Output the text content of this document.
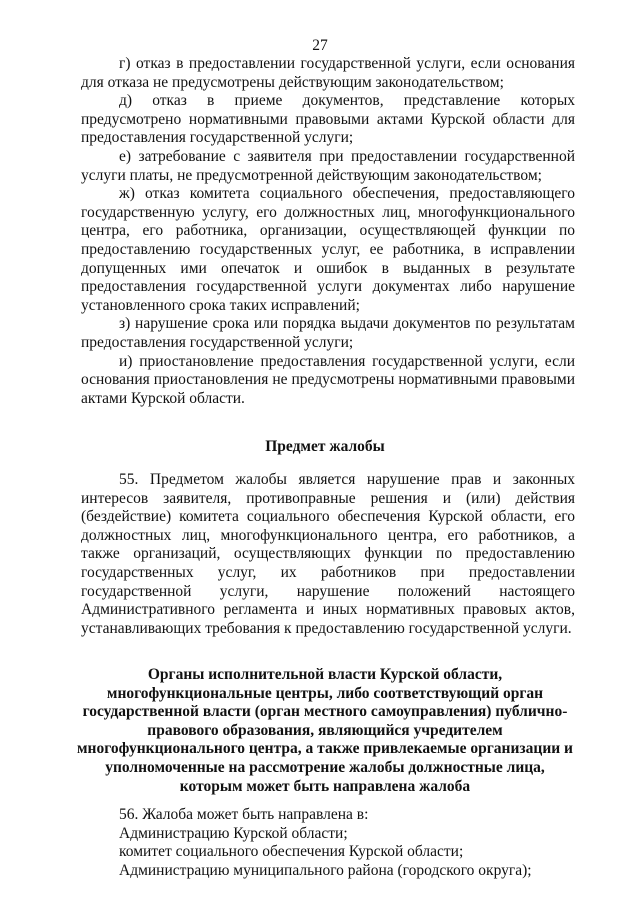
27

г) отказ в предоставлении государственной услуги, если основания для отказа не предусмотрены действующим законодательством;

д) отказ в приеме документов, представление которых предусмотрено нормативными правовыми актами Курской области для предоставления государственной услуги;

е) затребование с заявителя при предоставлении государственной услуги платы, не предусмотренной действующим законодательством;

ж) отказ комитета социального обеспечения, предоставляющего государственную услугу, его должностных лиц, многофункционального центра, его работника, организации, осуществляющей функции по предоставлению государственных услуг, ее работника, в исправлении допущенных ими опечаток и ошибок в выданных в результате предоставления государственной услуги документах либо нарушение установленного срока таких исправлений;

з) нарушение срока или порядка выдачи документов по результатам предоставления государственной услуги;

и) приостановление предоставления государственной услуги, если основания приостановления не предусмотрены нормативными правовыми актами Курской области.

Предмет жалобы

55. Предметом жалобы является нарушение прав и законных интересов заявителя, противоправные решения и (или) действия (бездействие) комитета социального обеспечения Курской области, его должностных лиц, многофункционального центра, его работников, а также организаций, осуществляющих функции по предоставлению государственных услуг, их работников при предоставлении государственной услуги, нарушение положений настоящего Административного регламента и иных нормативных правовых актов, устанавливающих требования к предоставлению государственной услуги.

Органы исполнительной власти Курской области,
многофункциональные центры, либо соответствующий орган
государственной власти (орган местного самоуправления) публично-
правового образования, являющийся учредителем
многофункционального центра, а также привлекаемые организации и
уполномоченные на рассмотрение жалобы должностные лица,
которым может быть направлена жалоба

56. Жалоба может быть направлена в:

Администрацию Курской области;

комитет социального обеспечения Курской области;

Администрацию муниципального района (городского округа);
